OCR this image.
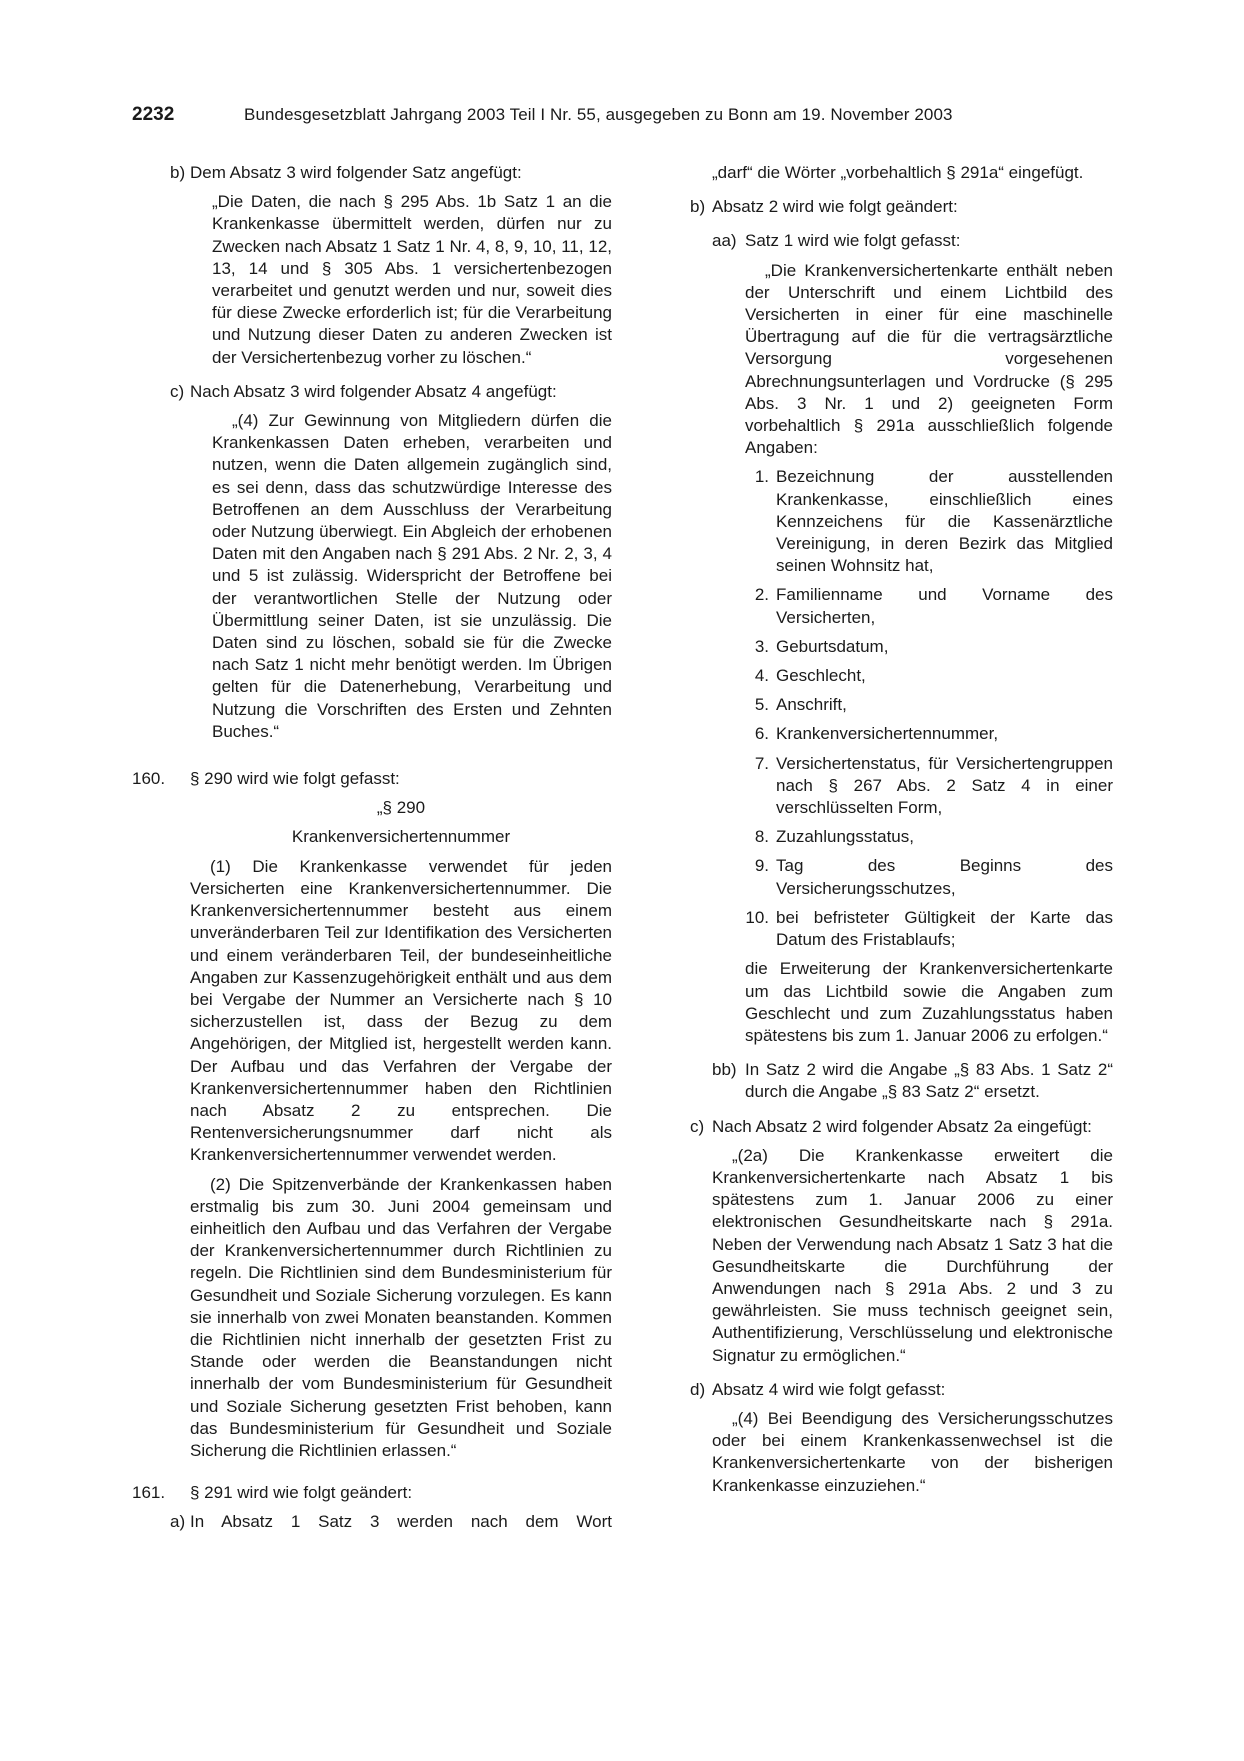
2232	Bundesgesetzblatt Jahrgang 2003 Teil I Nr. 55, ausgegeben zu Bonn am 19. November 2003
b) Dem Absatz 3 wird folgender Satz angefügt:

„Die Daten, die nach § 295 Abs. 1b Satz 1 an die Krankenkasse übermittelt werden, dürfen nur zu Zwecken nach Absatz 1 Satz 1 Nr. 4, 8, 9, 10, 11, 12, 13, 14 und § 305 Abs. 1 versichertenbezogen verarbeitet und genutzt werden und nur, soweit dies für diese Zwecke erforderlich ist; für die Verarbeitung und Nutzung dieser Daten zu anderen Zwecken ist der Versichertenbezug vorher zu löschen.“

c) Nach Absatz 3 wird folgender Absatz 4 angefügt:

„(4) Zur Gewinnung von Mitgliedern dürfen die Krankenkassen Daten erheben, verarbeiten und nutzen, wenn die Daten allgemein zugänglich sind, es sei denn, dass das schutzwürdige Interesse des Betroffenen an dem Ausschluss der Verarbeitung oder Nutzung überwiegt. Ein Abgleich der erhobenen Daten mit den Angaben nach § 291 Abs. 2 Nr. 2, 3, 4 und 5 ist zulässig. Widerspricht der Betroffene bei der verantwortlichen Stelle der Nutzung oder Übermittlung seiner Daten, ist sie unzulässig. Die Daten sind zu löschen, sobald sie für die Zwecke nach Satz 1 nicht mehr benötigt werden. Im Übrigen gelten für die Datenerhebung, Verarbeitung und Nutzung die Vorschriften des Ersten und Zehnten Buches.“

160. § 290 wird wie folgt gefasst:

„§ 290

Krankenversichertennummer

(1) Die Krankenkasse verwendet für jeden Versicherten eine Krankenversichertennummer. Die Krankenversichertennummer besteht aus einem unveränderbaren Teil zur Identifikation des Versicherten und einem veränderbaren Teil, der bundeseinheitliche Angaben zur Kassenzugehörigkeit enthält und aus dem bei Vergabe der Nummer an Versicherte nach § 10 sicherzustellen ist, dass der Bezug zu dem Angehörigen, der Mitglied ist, hergestellt werden kann. Der Aufbau und das Verfahren der Vergabe der Krankenversichertennummer haben den Richtlinien nach Absatz 2 zu entsprechen. Die Rentenversicherungsnummer darf nicht als Krankenversichertennummer verwendet werden.

(2) Die Spitzenverbände der Krankenkassen haben erstmalig bis zum 30. Juni 2004 gemeinsam und einheitlich den Aufbau und das Verfahren der Vergabe der Krankenversichertennummer durch Richtlinien zu regeln. Die Richtlinien sind dem Bundesministerium für Gesundheit und Soziale Sicherung vorzulegen. Es kann sie innerhalb von zwei Monaten beanstanden. Kommen die Richtlinien nicht innerhalb der gesetzten Frist zu Stande oder werden die Beanstandungen nicht innerhalb der vom Bundesministerium für Gesundheit und Soziale Sicherung gesetzten Frist behoben, kann das Bundesministerium für Gesundheit und Soziale Sicherung die Richtlinien erlassen.“

161. § 291 wird wie folgt geändert:

a) In Absatz 1 Satz 3 werden nach dem Wort

„darf“ die Wörter „vorbehaltlich § 291a“ eingefügt.

b) Absatz 2 wird wie folgt geändert:

aa) Satz 1 wird wie folgt gefasst:

„Die Krankenversichertenkarte enthält neben der Unterschrift und einem Lichtbild des Versicherten in einer für eine maschinelle Übertragung auf die für die vertragsärztliche Versorgung vorgesehenen Abrechnungsunterlagen und Vordrucke (§ 295 Abs. 3 Nr. 1 und 2) geeigneten Form vorbehaltlich § 291a ausschließlich folgende Angaben:

1. Bezeichnung der ausstellenden Krankenkasse, einschließlich eines Kennzeichens für die Kassenärztliche Vereinigung, in deren Bezirk das Mitglied seinen Wohnsitz hat,

2. Familienname und Vorname des Versicherten,

3. Geburtsdatum,

4. Geschlecht,

5. Anschrift,

6. Krankenversichertennummer,

7. Versichertenstatus, für Versichertengruppen nach § 267 Abs. 2 Satz 4 in einer verschlüsselten Form,

8. Zuzahlungsstatus,

9. Tag des Beginns des Versicherungsschutzes,

10. bei befristeter Gültigkeit der Karte das Datum des Fristablaufs;

die Erweiterung der Krankenversichertenkarte um das Lichtbild sowie die Angaben zum Geschlecht und zum Zuzahlungsstatus haben spätestens bis zum 1. Januar 2006 zu erfolgen.“

bb) In Satz 2 wird die Angabe „§ 83 Abs. 1 Satz 2“ durch die Angabe „§ 83 Satz 2“ ersetzt.

c) Nach Absatz 2 wird folgender Absatz 2a eingefügt:

„(2a) Die Krankenkasse erweitert die Krankenversichertenkarte nach Absatz 1 bis spätestens zum 1. Januar 2006 zu einer elektronischen Gesundheitskarte nach § 291a. Neben der Verwendung nach Absatz 1 Satz 3 hat die Gesundheitskarte die Durchführung der Anwendungen nach § 291a Abs. 2 und 3 zu gewährleisten. Sie muss technisch geeignet sein, Authentifizierung, Verschlüsselung und elektronische Signatur zu ermöglichen.“

d) Absatz 4 wird wie folgt gefasst:

„(4) Bei Beendigung des Versicherungsschutzes oder bei einem Krankenkassenwechsel ist die Krankenversichertenkarte von der bisherigen Krankenkasse einzuziehen.“
